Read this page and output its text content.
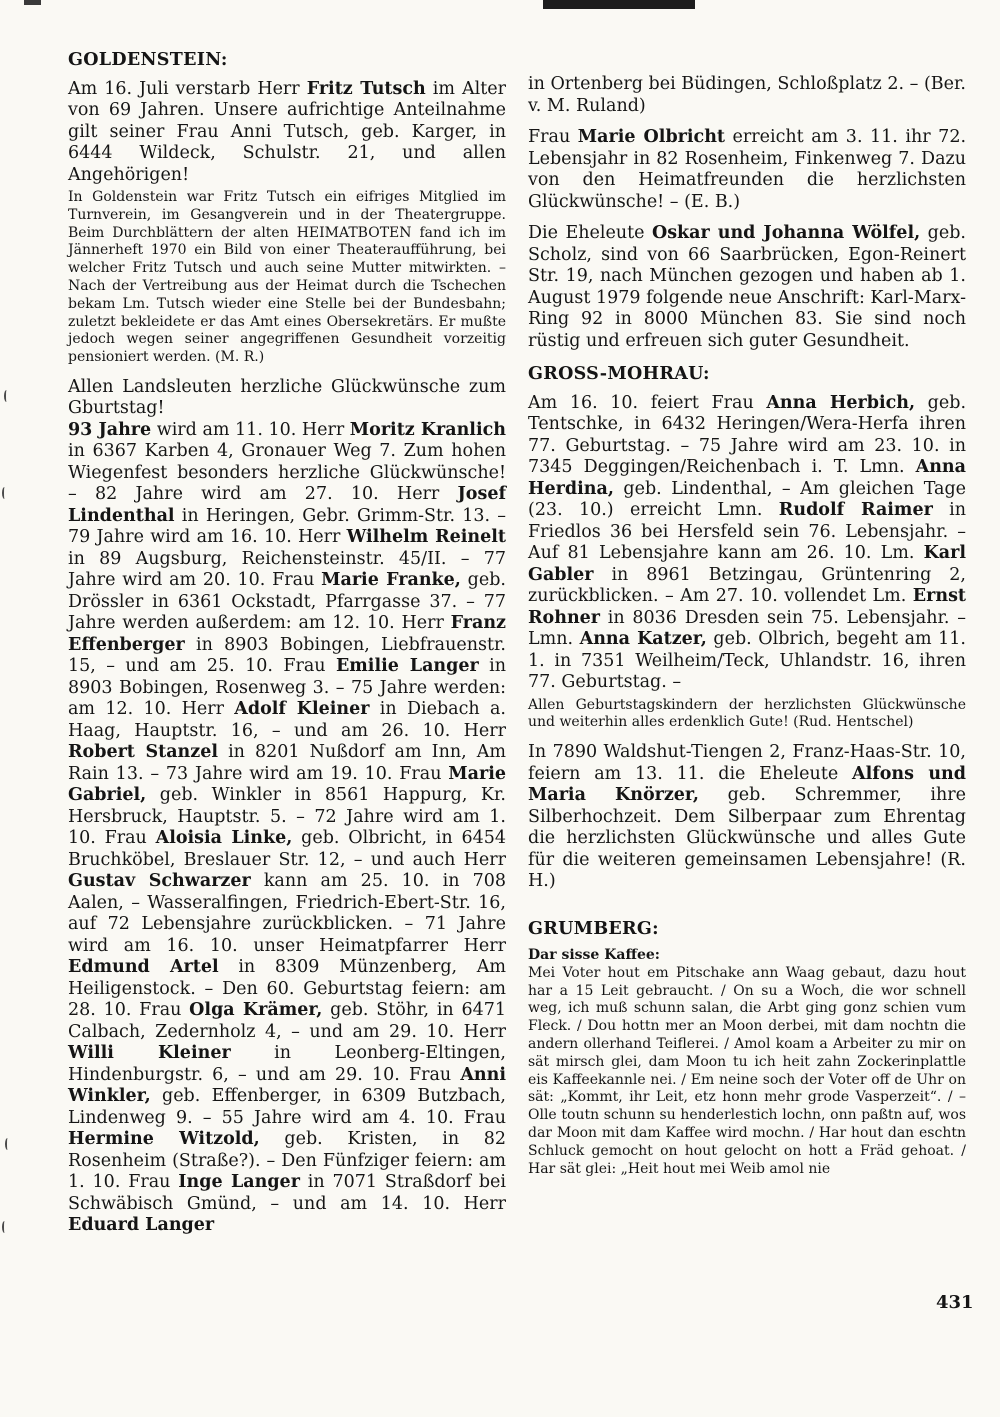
GOLDENSTEIN:

Am 16. Juli verstarb Herr Fritz Tutsch im Alter von 69 Jahren. Unsere aufrichtige Anteilnahme gilt seiner Frau Anni Tutsch, geb. Karger, in 6444 Wildeck, Schulstr. 21, und allen Angehörigen!

In Goldenstein war Fritz Tutsch ein eifriges Mitglied im Turnverein, im Gesangverein und in der Theatergruppe. Beim Durchblättern der alten HEIMATBOTEN fand ich im Jännerheft 1970 ein Bild von einer Theateraufführung, bei welcher Fritz Tutsch und auch seine Mutter mitwirkten. – Nach der Vertreibung aus der Heimat durch die Tschechen bekam Lm. Tutsch wieder eine Stelle bei der Bundesbahn; zuletzt bekleidete er das Amt eines Obersekretärs. Er mußte jedoch wegen seiner angegriffenen Gesundheit vorzeitig pensioniert werden. (M. R.)

Allen Landsleuten herzliche Glückwünsche zum Gburtstag!

93 Jahre wird am 11. 10. Herr Moritz Kranlich in 6367 Karben 4, Gronauer Weg 7. Zum hohen Wiegenfest besonders herzliche Glückwünsche! – 82 Jahre wird am 27. 10. Herr Josef Lindenthal in Heringen, Gebr. Grimm-Str. 13. – 79 Jahre wird am 16. 10. Herr Wilhelm Reinelt in 89 Augsburg, Reichensteinstr. 45/II. – 77 Jahre wird am 20. 10. Frau Marie Franke, geb. Drössler in 6361 Ockstadt, Pfarrgasse 37. – 77 Jahre werden außerdem: am 12. 10. Herr Franz Effenberger in 8903 Bobingen, Liebfrauenstr. 15, – und am 25. 10. Frau Emilie Langer in 8903 Bobingen, Rosenweg 3. – 75 Jahre werden: am 12. 10. Herr Adolf Kleiner in Diebach a. Haag, Hauptstr. 16, – und am 26. 10. Herr Robert Stanzel in 8201 Nußdorf am Inn, Am Rain 13. – 73 Jahre wird am 19. 10. Frau Marie Gabriel, geb. Winkler in 8561 Happurg, Kr. Hersbruck, Hauptstr. 5. – 72 Jahre wird am 1. 10. Frau Aloisia Linke, geb. Olbricht, in 6454 Bruchköbel, Breslauer Str. 12, – und auch Herr Gustav Schwarzer kann am 25. 10. in 708 Aalen, – Wasseralfingen, Friedrich-Ebert-Str. 16, auf 72 Lebensjahre zurückblicken. – 71 Jahre wird am 16. 10. unser Heimatpfarrer Herr Edmund Artel in 8309 Münzenberg, Am Heiligenstock. – Den 60. Geburtstag feiern: am 28. 10. Frau Olga Krämer, geb. Stöhr, in 6471 Calbach, Zedernholz 4, – und am 29. 10. Herr Willi Kleiner in Leonberg-Eltingen, Hindenburgstr. 6, – und am 29. 10. Frau Anni Winkler, geb. Effenberger, in 6309 Butzbach, Lindenweg 9. – 55 Jahre wird am 4. 10. Frau Hermine Witzold, geb. Kristen, in 82 Rosenheim (Straße?). – Den Fünfziger feiern: am 1. 10. Frau Inge Langer in 7071 Straßdorf bei Schwäbisch Gmünd, – und am 14. 10. Herr Eduard Langer

in Ortenberg bei Büdingen, Schloßplatz 2. – (Ber. v. M. Ruland)

Frau Marie Olbricht erreicht am 3. 11. ihr 72. Lebensjahr in 82 Rosenheim, Finkenweg 7. Dazu von den Heimatfreunden die herzlichsten Glückwünsche! – (E. B.)

Die Eheleute Oskar und Johanna Wölfel, geb. Scholz, sind von 66 Saarbrücken, Egon-Reinert Str. 19, nach München gezogen und haben ab 1. August 1979 folgende neue Anschrift: Karl-Marx-Ring 92 in 8000 München 83. Sie sind noch rüstig und erfreuen sich guter Gesundheit.

GROSS-MOHRAU:

Am 16. 10. feiert Frau Anna Herbich, geb. Tentschke, in 6432 Heringen/Wera-Herfa ihren 77. Geburtstag. – 75 Jahre wird am 23. 10. in 7345 Deggingen/Reichenbach i. T. Lmn. Anna Herdina, geb. Lindenthal, – Am gleichen Tage (23. 10.) erreicht Lmn. Rudolf Raimer in Friedlos 36 bei Hersfeld sein 76. Lebensjahr. – Auf 81 Lebensjahre kann am 26. 10. Lm. Karl Gabler in 8961 Betzingau, Grüntenring 2, zurückblicken. – Am 27. 10. vollendet Lm. Ernst Rohner in 8036 Dresden sein 75. Lebensjahr. – Lmn. Anna Katzer, geb. Olbrich, begeht am 11. 1. in 7351 Weilheim/Teck, Uhlandstr. 16, ihren 77. Geburtstag. –

Allen Geburtstagskindern der herzlichsten Glückwünsche und weiterhin alles erdenklich Gute! (Rud. Hentschel)

In 7890 Waldshut-Tiengen 2, Franz-Haas-Str. 10, feiern am 13. 11. die Eheleute Alfons und Maria Knörzer, geb. Schremmer, ihre Silberhochzeit. Dem Silberpaar zum Ehrentag die herzlichsten Glückwünsche und alles Gute für die weiteren gemeinsamen Lebensjahre! (R. H.)

GRUMBERG:

Dar sisse Kaffee:

Mei Voter hout em Pitschake ann Waag gebaut, dazu hout har a 15 Leit gebraucht. / On su a Woch, die wor schnell weg, ich muß schunn salan, die Arbt ging gonz schien vum Fleck. / Dou hottn mer an Moon derbei, mit dam nochtn die andern ollerhand Teiflerei. / Amol koam a Arbeiter zu mir on sät mirsch glei, dam Moon tu ich heit zahn Zockerinplattle eis Kaffeekannle nei. / Em neine soch der Voter off de Uhr on sät: „Kommt, ihr Leit, etz honn mehr grode Vasperzeit“. / – Olle toutn schunn su henderlestich lochn, onn paßtn auf, wos dar Moon mit dam Kaffee wird mochn. / Har hout dan eschtn Schluck gemocht on hout gelocht on hott a Fräd gehoat. / Har sät glei: „Heit hout mei Weib amol nie

431
